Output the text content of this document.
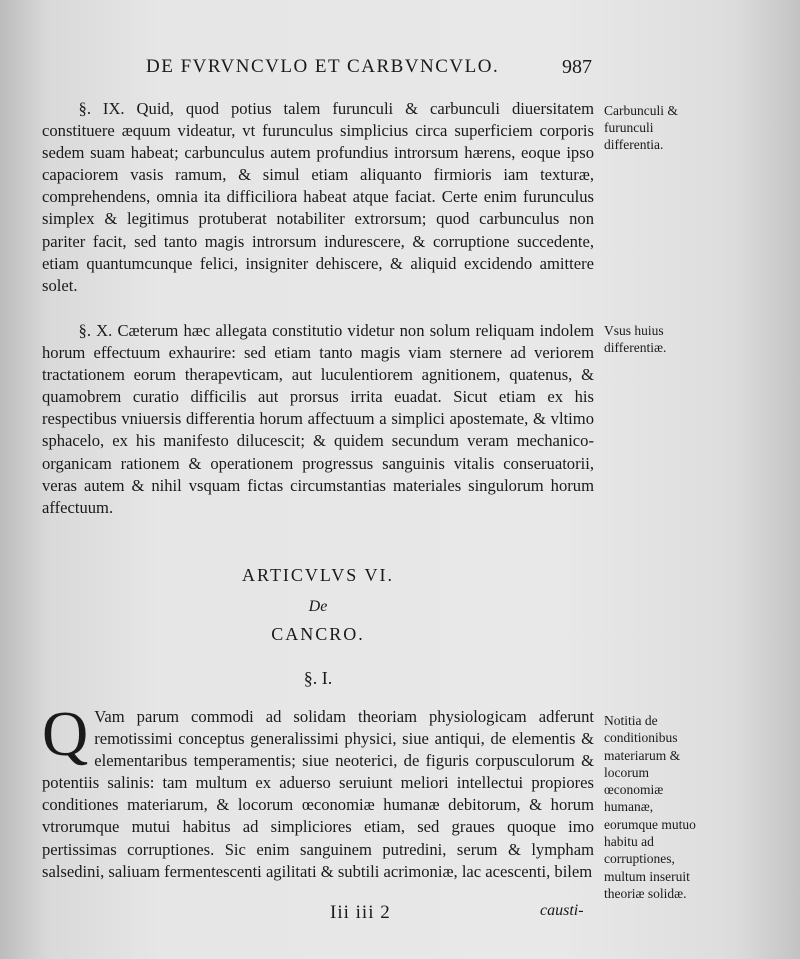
DE FVRVNCVLO ET CARBVNCVLO.	987

§. IX. Quid, quod potius talem furunculi & carbunculi diuersitatem constituere æquum videatur, vt furunculus simplicius circa superficiem corporis sedem suam habeat; carbunculus autem profundius introrsum hærens, eoque ipso capaciorem vasis ramum, & simul etiam aliquanto firmioris iam texturæ, comprehendens, omnia ita difficiliora habeat atque faciat. Certe enim furunculus simplex & legitimus protuberat notabiliter extrorsum; quod carbunculus non pariter facit, sed tanto magis introrsum indurescere, & corruptione succedente, etiam quantumcunque felici, insigniter dehiscere, & aliquid excidendo amittere solet.

Carbunculi & furunculi differentia.

§. X. Cæterum hæc allegata constitutio videtur non solum reliquam indolem horum effectuum exhaurire: sed etiam tanto magis viam sternere ad veriorem tractationem eorum therapevticam, aut luculentiorem agnitionem, quatenus, & quamobrem curatio difficilis aut prorsus irrita euadat. Sicut etiam ex his respectibus vniuersis differentia horum affectuum a simplici apostemate, & vltimo sphacelo, ex his manifesto dilucescit; & quidem secundum veram mechanico-organicam rationem & operationem progressus sanguinis vitalis conseruatorii, veras autem & nihil vsquam fictas circumstantias materiales singulorum horum affectuum.

Vsus huius differentiæ.
ARTICVLVS VI.
De
CANCRO.
§. I.
Q Vam parum commodi ad solidam theoriam physiologicam adferunt remotissimi conceptus generalissimi physici, siue antiqui, de elementis & elementaribus temperamentis; siue neoterici, de figuris corpusculorum & potentiis salinis: tam multum ex aduerso seruiunt meliori intellectui propiores conditiones materiarum, & locorum œconomiæ humanæ debitorum, & horum vtrorumque mutui habitus ad simpliciores etiam, sed graues quoque imo pertissimas corruptiones. Sic enim sanguinem putredini, serum & lympham salsedini, saliuam fermentescenti agilitati & subtili acrimoniæ, lac acescenti, bilem

Notitia de conditionibus materiarum & locorum œconomiæ humanæ, eorumque mutuo habitu ad corruptiones, multum inseruit theoriæ solidæ.
Iii iii 2	causti-
